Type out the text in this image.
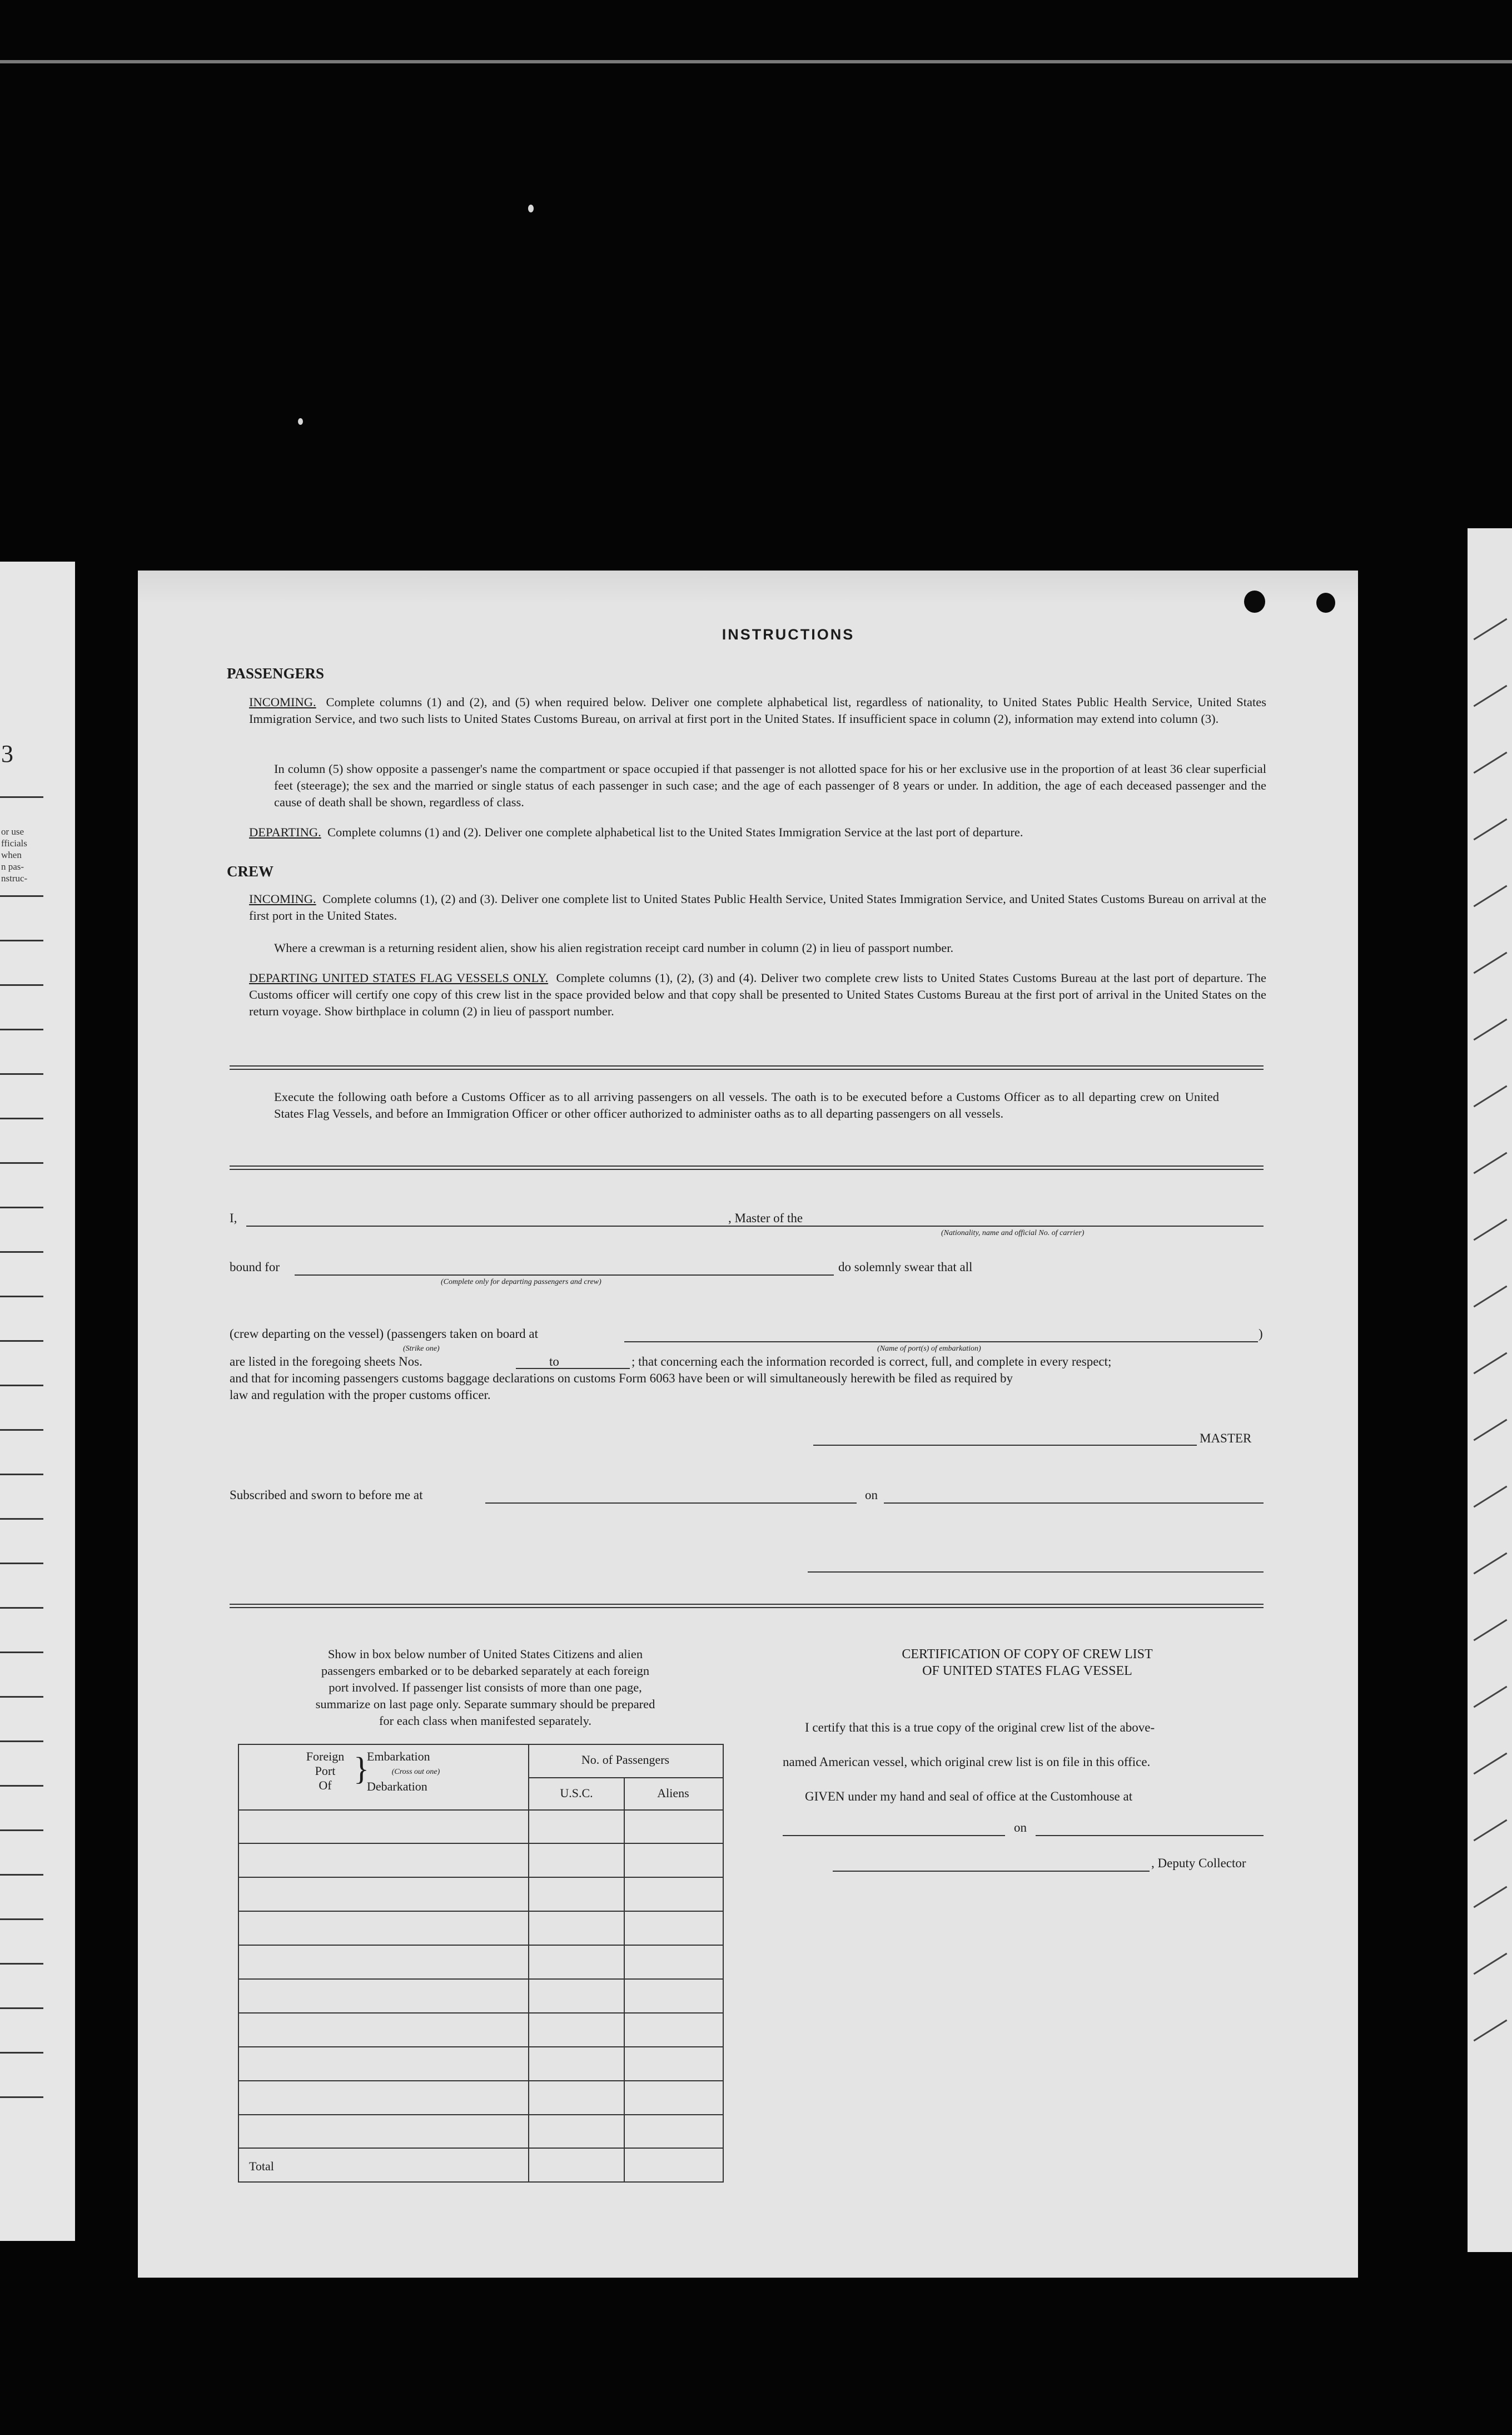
3
or use
fficials
when
n pas-
nstruc-
INSTRUCTIONS
PASSENGERS
INCOMING. Complete columns (1) and (2), and (5) when required below. Deliver one complete alphabetical list, regardless of nationality, to United States Public Health Service, United States Immigration Service, and two such lists to United States Customs Bureau, on arrival at first port in the United States. If insufficient space in column (2), information may extend into column (3).
In column (5) show opposite a passenger's name the compartment or space occupied if that passenger is not allotted space for his or her exclusive use in the proportion of at least 36 clear superficial feet (steerage); the sex and the married or single status of each passenger in such case; and the age of each passenger of 8 years or under. In addition, the age of each deceased passenger and the cause of death shall be shown, regardless of class.
DEPARTING. Complete columns (1) and (2). Deliver one complete alphabetical list to the United States Immigration Service at the last port of departure.
CREW
INCOMING. Complete columns (1), (2) and (3). Deliver one complete list to United States Public Health Service, United States Immigration Service, and United States Customs Bureau on arrival at the first port in the United States.
Where a crewman is a returning resident alien, show his alien registration receipt card number in column (2) in lieu of passport number.
DEPARTING UNITED STATES FLAG VESSELS ONLY. Complete columns (1), (2), (3) and (4). Deliver two complete crew lists to United States Customs Bureau at the last port of departure. The Customs officer will certify one copy of this crew list in the space provided below and that copy shall be presented to United States Customs Bureau at the first port of arrival in the United States on the return voyage. Show birthplace in column (2) in lieu of passport number.
Execute the following oath before a Customs Officer as to all arriving passengers on all vessels. The oath is to be executed before a Customs Officer as to all departing crew on United States Flag Vessels, and before an Immigration Officer or other officer authorized to administer oaths as to all departing passengers on all vessels.
I,	, Master of the
(Nationality, name and official No. of carrier)
bound for
(Complete only for departing passengers and crew)
do solemnly swear that all
(crew departing on the vessel) (passengers taken on board at	)
(Strike one)	(Name of port(s) of embarkation)
are listed in the foregoing sheets Nos.	to	; that concerning each the information recorded is correct, full, and complete in every respect;
and that for incoming passengers customs baggage declarations on customs Form 6063 have been or will simultaneously herewith be filed as required by
law and regulation with the proper customs officer.
MASTER
Subscribed and sworn to before me at	on
Show in box below number of United States Citizens and alien
passengers embarked or to be debarked separately at each foreign
port involved. If passenger list consists of more than one page,
summarize on last page only. Separate summary should be prepared
for each class when manifested separately.
Foreign
Port
Of }
Embarkation
(Cross out one)
Debarkation
No. of Passengers
U.S.C.	Aliens
Total
CERTIFICATION OF COPY OF CREW LIST
OF UNITED STATES FLAG VESSEL
I certify that this is a true copy of the original crew list of the above-
named American vessel, which original crew list is on file in this office.
GIVEN under my hand and seal of office at the Customhouse at
on
, Deputy Collector
